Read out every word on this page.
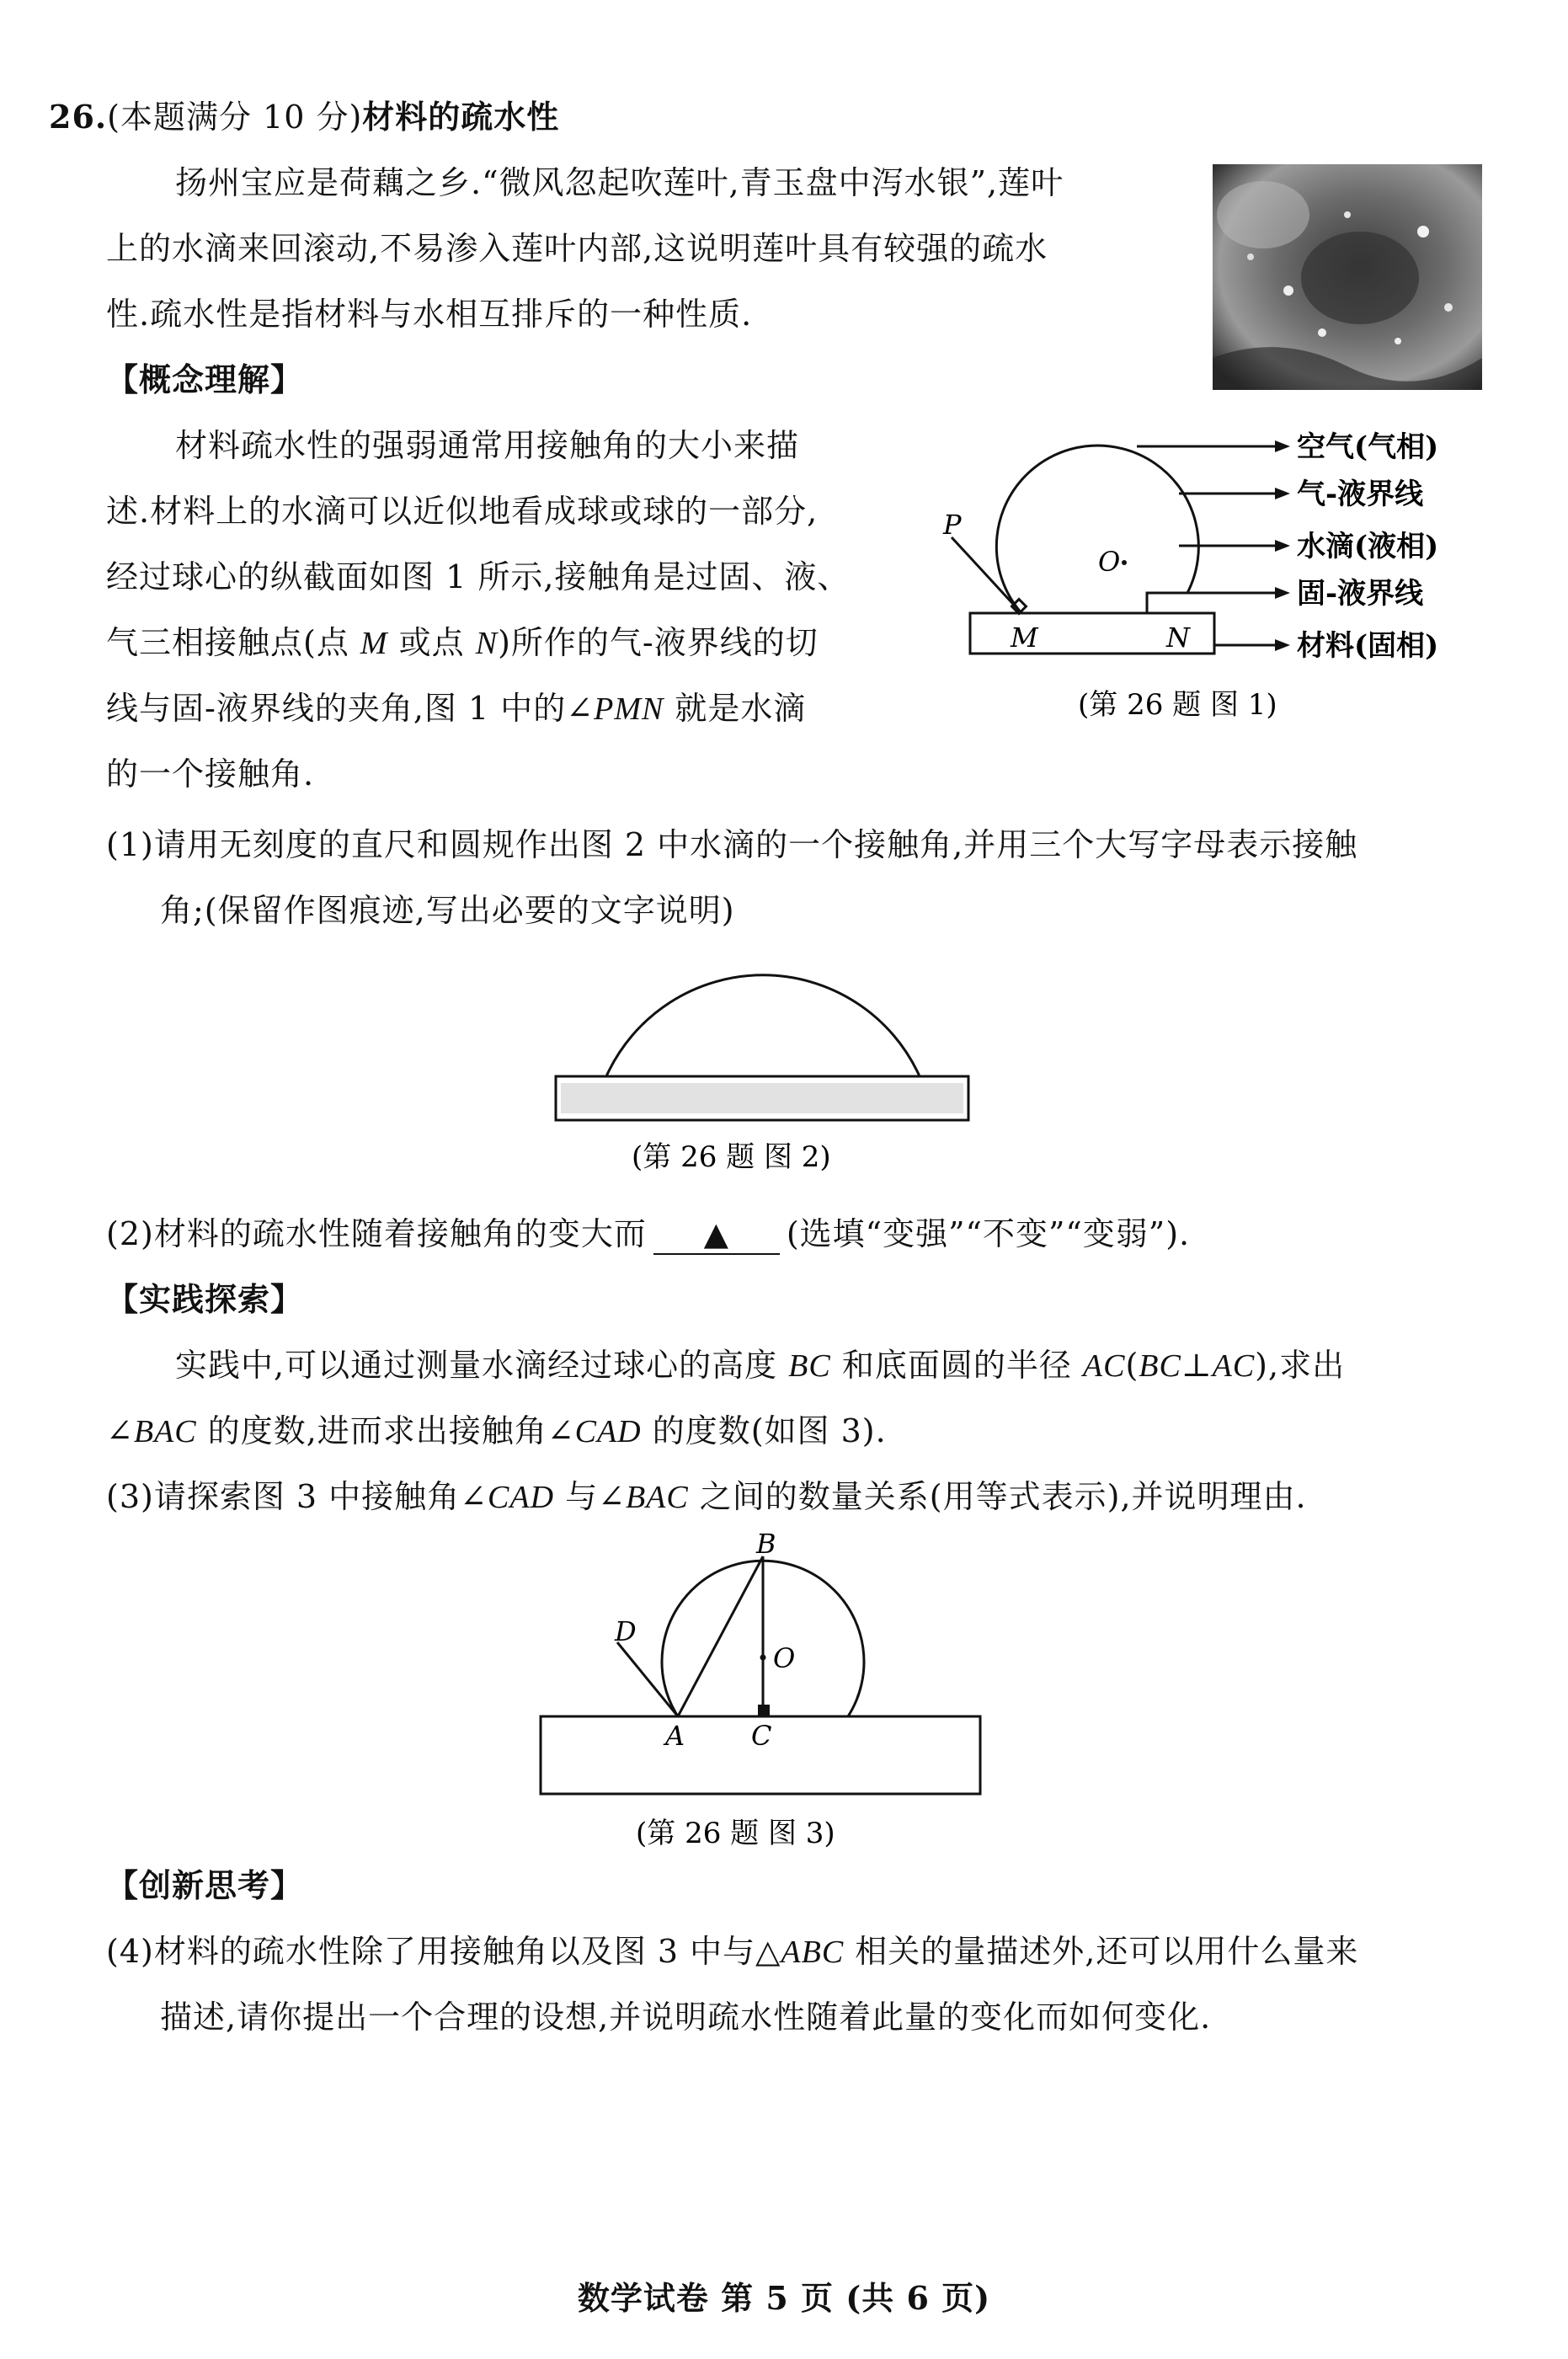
26.(本题满分 10 分)材料的疏水性
扬州宝应是荷藕之乡.“微风忽起吹莲叶,青玉盘中泻水银”,莲叶
上的水滴来回滚动,不易渗入莲叶内部,这说明莲叶具有较强的疏水
性.疏水性是指材料与水相互排斥的一种性质.
【概念理解】
材料疏水性的强弱通常用接触角的大小来描
述.材料上的水滴可以近似地看成球或球的一部分,
经过球心的纵截面如图 1 所示,接触角是过固、液、
气三相接触点(点 M 或点 N)所作的气-液界线的切
线与固-液界线的夹角,图 1 中的∠PMN 就是水滴
的一个接触角.
空气(气相)
气-液界线
水滴(液相)
固-液界线
材料(固相)
P
O
M	N
(第 26 题 图 1)
(1)请用无刻度的直尺和圆规作出图 2 中水滴的一个接触角,并用三个大写字母表示接触
角;(保留作图痕迹,写出必要的文字说明)
(第 26 题 图 2)
(2)材料的疏水性随着接触角的变大而 ▲ (选填“变强”“不变”“变弱”).
【实践探索】
实践中,可以通过测量水滴经过球心的高度 BC 和底面圆的半径 AC(BC⊥AC),求出
∠BAC 的度数,进而求出接触角∠CAD 的度数(如图 3).
(3)请探索图 3 中接触角∠CAD 与∠BAC 之间的数量关系(用等式表示),并说明理由.
B
D
O
A C
(第 26 题 图 3)
【创新思考】
(4)材料的疏水性除了用接触角以及图 3 中与△ABC 相关的量描述外,还可以用什么量来
描述,请你提出一个合理的设想,并说明疏水性随着此量的变化而如何变化.
数学试卷 第 5 页 (共 6 页)
